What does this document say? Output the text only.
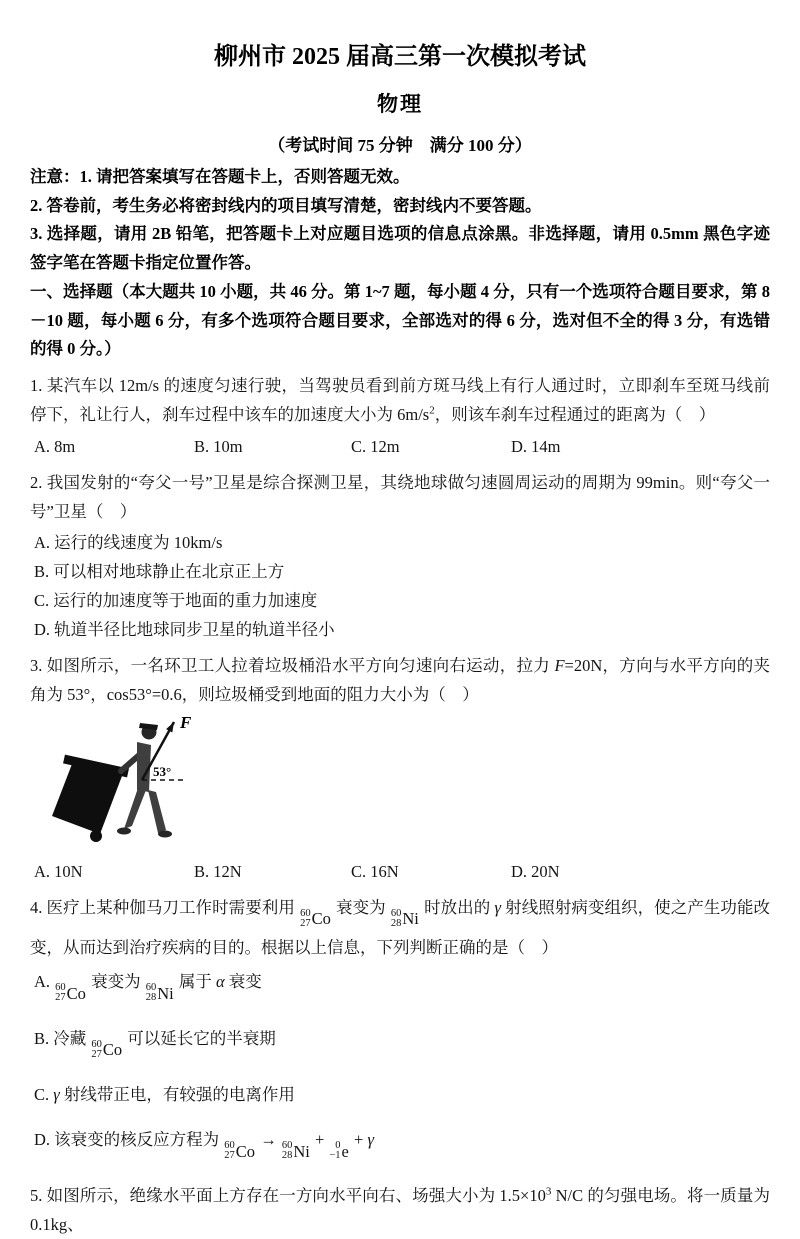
柳州市 2025 届高三第一次模拟考试
物理

（考试时间 75 分钟　满分 100 分）

注意：1. 请把答案填写在答题卡上，否则答题无效。

2. 答卷前，考生务必将密封线内的项目填写清楚，密封线内不要答题。

3. 选择题，请用 2B 铅笔，把答题卡上对应题目选项的信息点涂黑。非选择题，请用 0.5mm 黑色字迹签字笔在答题卡指定位置作答。

一、选择题（本大题共 10 小题，共 46 分。第 1~7 题，每小题 4 分，只有一个选项符合题目要求，第 8－10 题，每小题 6 分，有多个选项符合题目要求，全部选对的得 6 分，选对但不全的得 3 分，有选错的得 0 分。）

1. 某汽车以 12m/s 的速度匀速行驶，当驾驶员看到前方斑马线上有行人通过时，立即刹车至斑马线前停下，礼让行人，刹车过程中该车的加速度大小为 $6m/s^2$，则该车刹车过程通过的距离为（　）

A. 8m	B. 10m	C. 12m	D. 14m

2. 我国发射的“夸父一号”卫星是综合探测卫星，其绕地球做匀速圆周运动的周期为 99min。则“夸父一号”卫星（　）

A. 运行的线速度为 10km/s

B. 可以相对地球静止在北京正上方

C. 运行的加速度等于地面的重力加速度

D. 轨道半径比地球同步卫星的轨道半径小

3. 如图所示，一名环卫工人拉着垃圾桶沿水平方向匀速向右运动，拉力 F=20N，方向与水平方向的夹角为 53°，cos53°=0.6，则垃圾桶受到地面的阻力大小为（　）

53°
F
A. 10N	B. 12N	C. 16N	D. 20N

4. 医疗上某种伽马刀工作时需要利用 60
27 Co
衰变为 60
28 Ni
时放出的 γ 射线照射病变组织，使之产生功能改变，从而达到治疗疾病的目的。根据以上信息，下列判断正确的是（　）

A. 60
27 Co
衰变为 60
28 Ni
属于 α 衰变

B. 冷藏 60
27 Co
可以延长它的半衰期

C. γ 射线带正电，有较强的电离作用

D. 该衰变的核反应方程为 60
27 Co
→ 60
28 Ni
+ 0
−1 e
+ γ

5. 如图所示，绝缘水平面上方存在一方向水平向右、场强大小为 $1.5\times 10^3$ N/C 的匀强电场。将一质量为 0.1kg、
